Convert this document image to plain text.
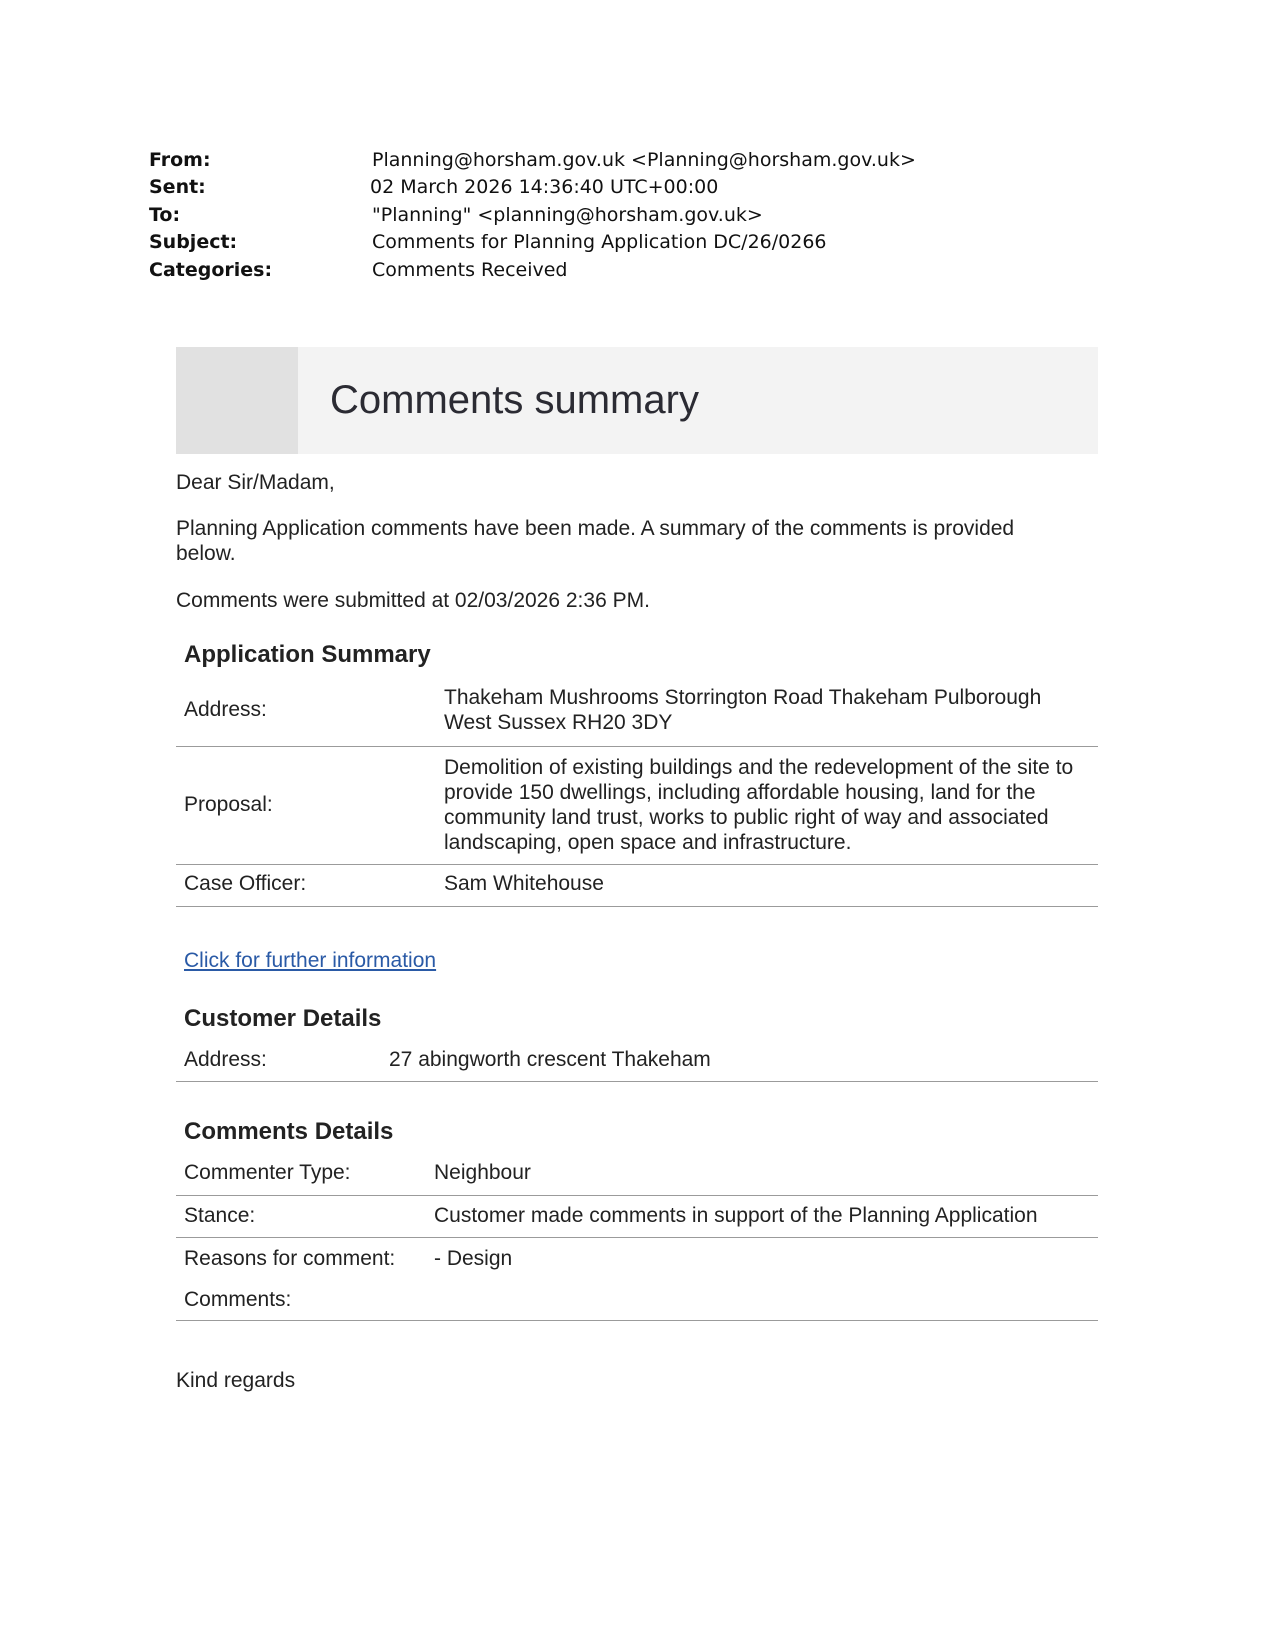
From:	Planning@horsham.gov.uk <Planning@horsham.gov.uk>
Sent:	02 March 2026 14:36:40 UTC+00:00
To:	"Planning" <planning@horsham.gov.uk>
Subject:	Comments for Planning Application DC/26/0266
Categories:	Comments Received
Comments summary
Dear Sir/Madam,
Planning Application comments have been made. A summary of the comments is provided below.
Comments were submitted at 02/03/2026 2:36 PM.
Application Summary
Address:
Thakeham Mushrooms Storrington Road Thakeham Pulborough West Sussex RH20 3DY
Proposal:
Demolition of existing buildings and the redevelopment of the site to provide 150 dwellings, including affordable housing, land for the community land trust, works to public right of way and associated landscaping, open space and infrastructure.
Case Officer:	Sam Whitehouse
Click for further information
Customer Details
Address:	27 abingworth crescent Thakeham
Comments Details
Commenter Type:	Neighbour
Stance:	Customer made comments in support of the Planning Application
Reasons for comment: - Design
Comments:
Kind regards
